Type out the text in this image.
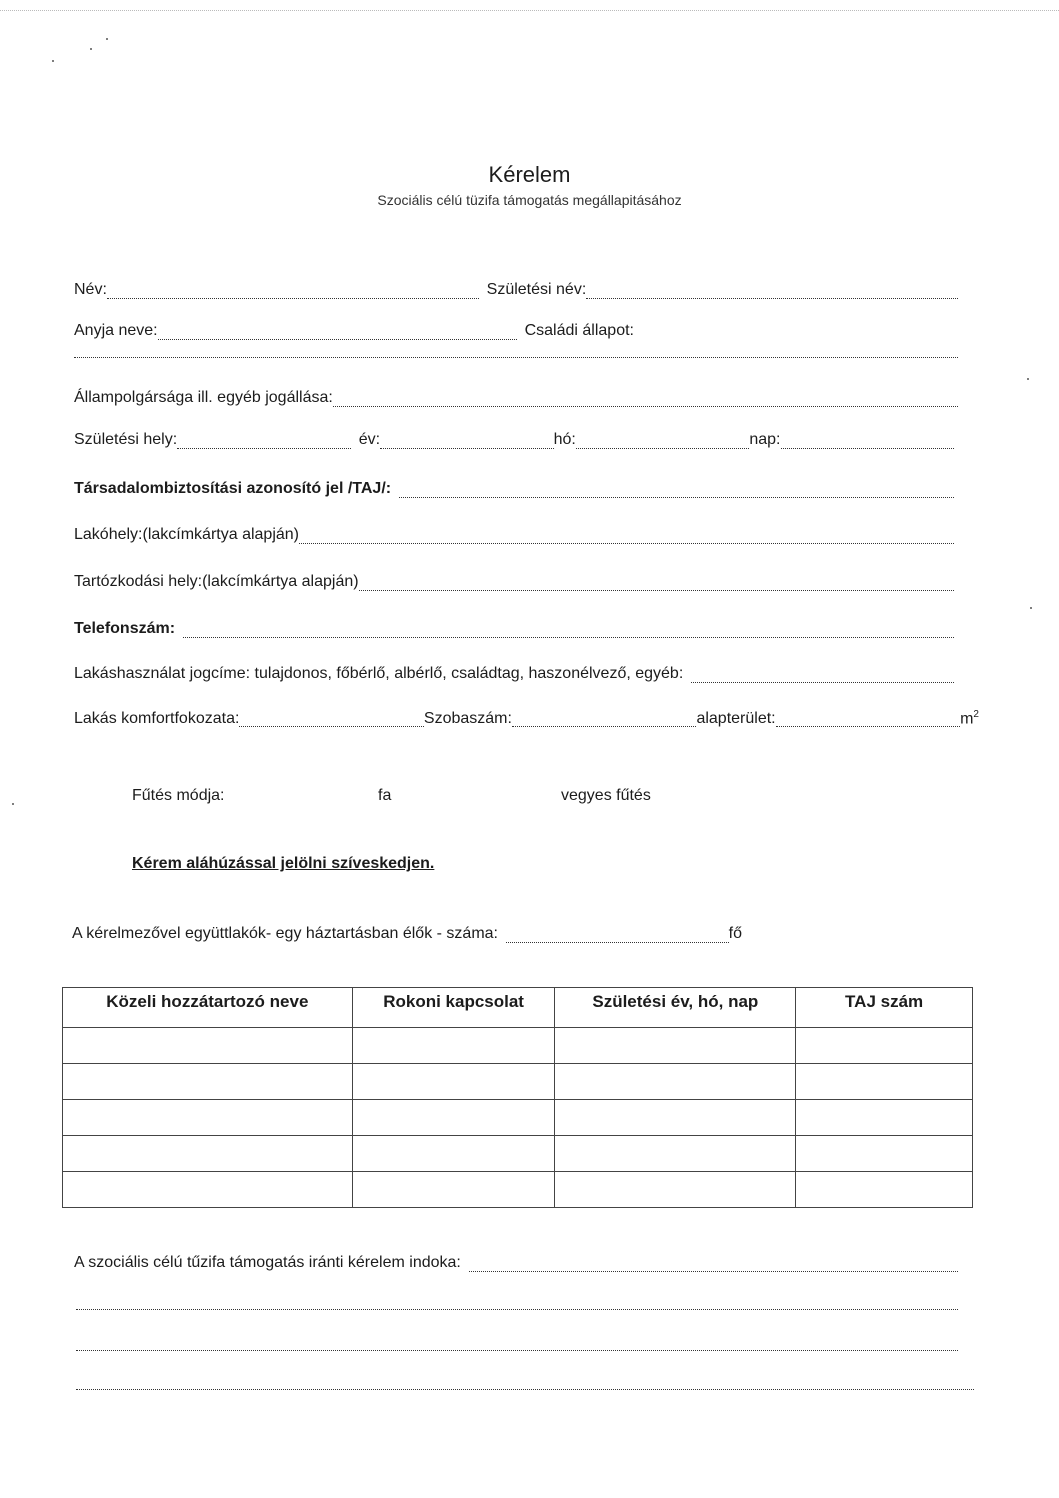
Kérelem
Szociális célú tüzifa támogatás megállapitásához
Név:	Születési név:
Anyja neve:	Családi állapot:
Állampolgársága ill. egyéb jogállása:
Születési hely:	év:	hó:	nap:
Társadalombiztosítási azonosító jel /TAJ/:
Lakóhely:(lakcímkártya alapján)
Tartózkodási hely:(lakcímkártya alapján)
Telefonszám:
Lakáshasználat jogcíme: tulajdonos, főbérlő, albérlő, családtag, haszonélvező, egyéb:
Lakás komfortfokozata:	Szobaszám:	alapterület:	$m^2$
Fűtés módja:	fa	vegyes fűtés
Kérem aláhúzással jelölni szíveskedjen.
A kérelmezővel együttlakók- egy háztartásban élők - száma:	fő
Közeli hozzátartozó neve	Rokoni kapcsolat	Születési év, hó, nap	TAJ szám

A szociális célú tűzifa támogatás iránti kérelem indoka:
